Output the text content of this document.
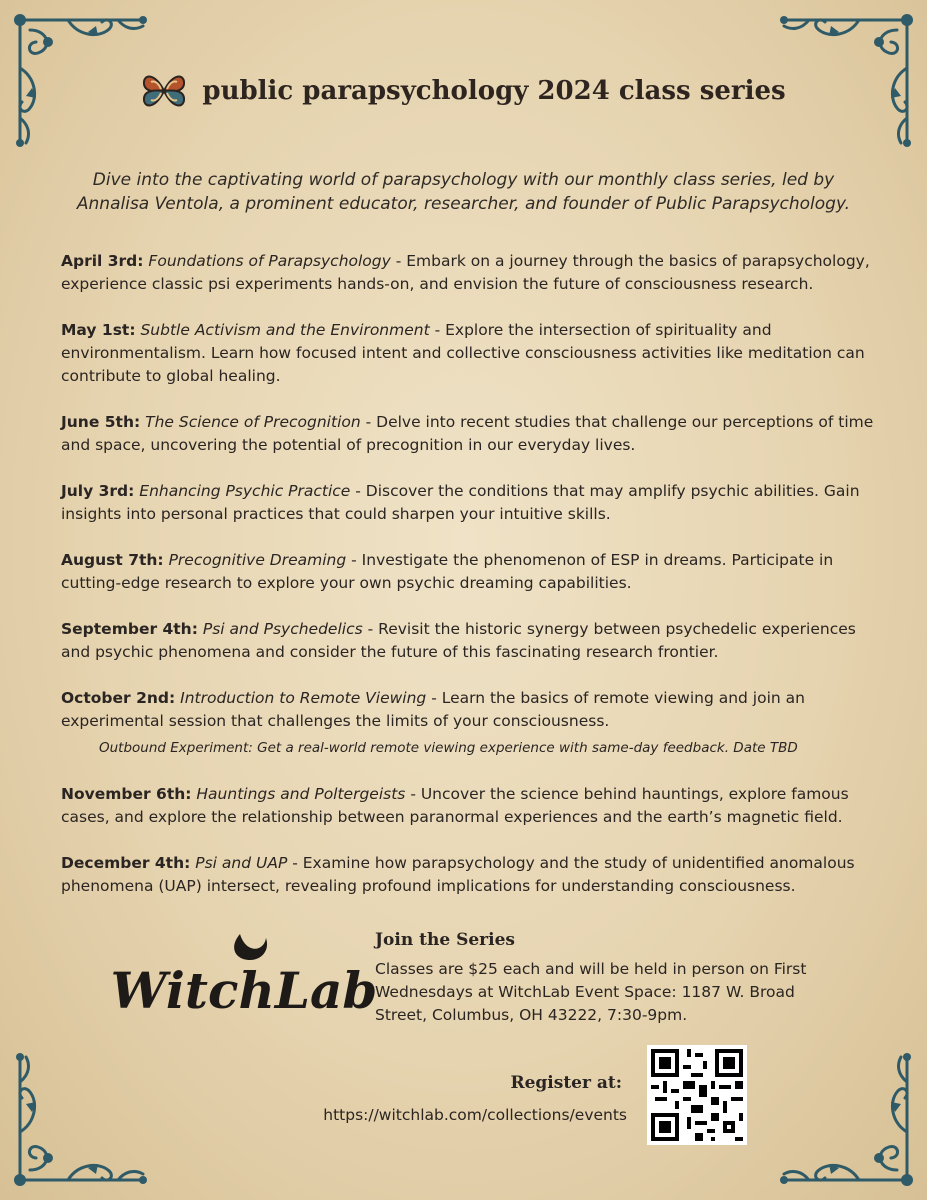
public parapsychology 2024 class series
Dive into the captivating world of parapsychology with our monthly class series, led by Annalisa Ventola, a prominent educator, researcher, and founder of Public Parapsychology.
April 3rd: Foundations of Parapsychology - Embark on a journey through the basics of parapsychology, experience classic psi experiments hands-on, and envision the future of consciousness research.
May 1st: Subtle Activism and the Environment - Explore the intersection of spirituality and environmentalism. Learn how focused intent and collective consciousness activities like meditation can contribute to global healing.
June 5th: The Science of Precognition - Delve into recent studies that challenge our perceptions of time and space, uncovering the potential of precognition in our everyday lives.
July 3rd: Enhancing Psychic Practice - Discover the conditions that may amplify psychic abilities. Gain insights into personal practices that could sharpen your intuitive skills.
August 7th: Precognitive Dreaming - Investigate the phenomenon of ESP in dreams. Participate in cutting-edge research to explore your own psychic dreaming capabilities.
September 4th: Psi and Psychedelics - Revisit the historic synergy between psychedelic experiences and psychic phenomena and consider the future of this fascinating research frontier.
October 2nd: Introduction to Remote Viewing - Learn the basics of remote viewing and join an experimental session that challenges the limits of your consciousness.
Outbound Experiment: Get a real-world remote viewing experience with same-day feedback. Date TBD
November 6th: Hauntings and Poltergeists - Uncover the science behind hauntings, explore famous cases, and explore the relationship between paranormal experiences and the earth’s magnetic field.
December 4th: Psi and UAP - Examine how parapsychology and the study of unidentified anomalous phenomena (UAP) intersect, revealing profound implications for understanding consciousness.
WitchLab
Join the Series
Classes are $25 each and will be held in person on First Wednesdays at WitchLab Event Space: 1187 W. Broad Street, Columbus, OH 43222, 7:30-9pm.
Register at:
https://witchlab.com/collections/events
